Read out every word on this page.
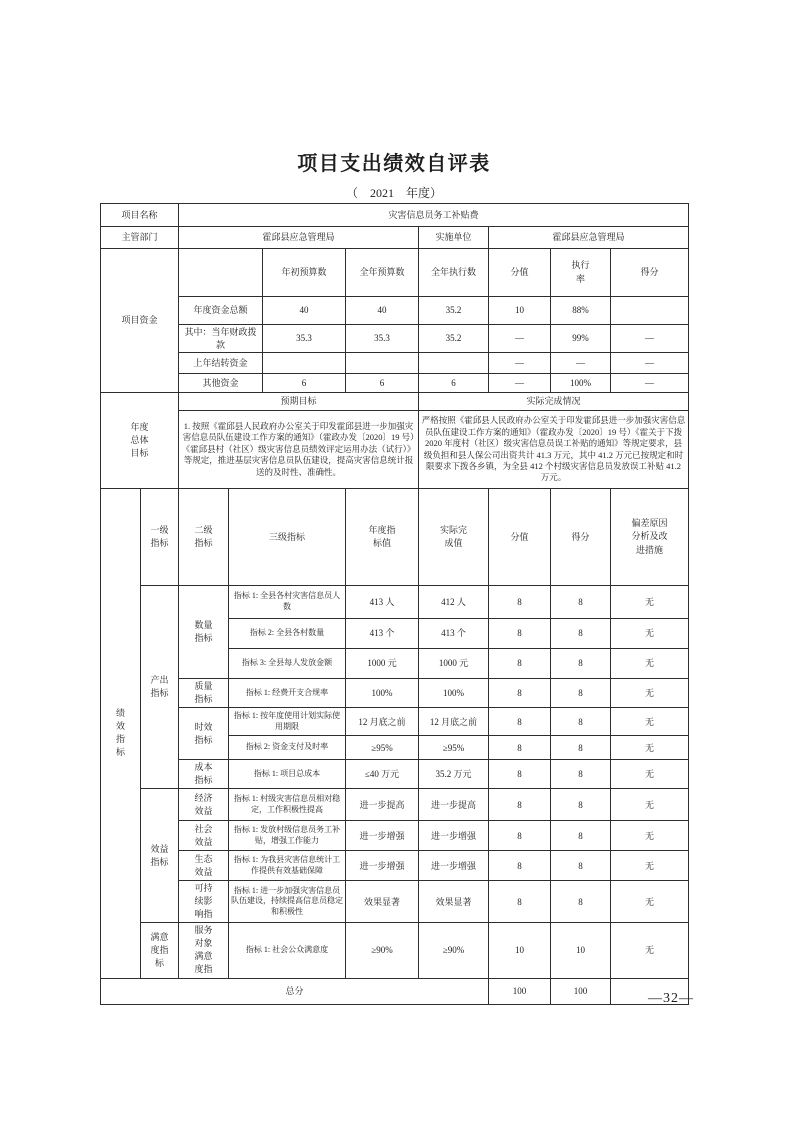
项目支出绩效自评表
（　2021　年度）
项目名称		灾害信息员务工补贴费							
主管部门		霍邱县应急管理局				实施单位	霍邱县应急管理局		
项目资金				年初预算数	全年预算数	全年执行数	分值	执行率	得分
		年度资金总额		40	40	35.2	10	88%	
		其中：当年财政拨款		35.3	35.3	35.2	—	99%	—
		上年结转资金					—	—	—
		其他资金		6	6	6	—	100%	—
年度总体目标		预期目标				实际完成情况			
		1. 按照《霍邱县人民政府办公室关于印发霍邱县进一步加强灾害信息员队伍建设工作方案的通知》（霍政办发〔2020〕19 号）《霍邱县村（社区）级灾害信息员绩效评定运用办法（试行）》等规定，推进基层灾害信息员队伍建设，提高灾害信息统计报送的及时性、准确性。				严格按照《霍邱县人民政府办公室关于印发霍邱县进一步加强灾害信息员队伍建设工作方案的通知》（霍政办发〔2020〕19 号）《霍关于下拨 2020 年度村（社区）级灾害信息员误工补贴的通知》等规定要求，县级负担和县人保公司出资共计 41.3 万元，其中 41.2 万元已按规定和时限要求下拨各乡镇，为全县 412 个村级灾害信息员发放误工补贴 41.2 万元。			
绩效指标	一级指标	二级指标	三级指标		年度指标值	实际完成值	分值	得分	偏差原因分析及改进措施
	产出指标	数量指标	指标 1: 全县各村灾害信息员人数		413 人	412 人	8	8	无
			指标 2: 全县各村数量		413 个	413 个	8	8	无
			指标 3: 全县每人发放金额		1000 元	1000 元	8	8	无
		质量指标	指标 1: 经费开支合规率		100%	100%	8	8	无
		时效指标	指标 1: 按年度使用计划实际使用期限		12 月底之前	12 月底之前	8	8	无
			指标 2: 资金支付及时率		≥95%	≥95%	8	8	无
		成本指标	指标 1: 项目总成本		≤40 万元	35.2 万元	8	8	无
	效益指标	经济效益	指标 1: 村级灾害信息员相对稳定，工作积极性提高		进一步提高	进一步提高	8	8	无
		社会效益	指标 1: 发放村级信息员务工补贴，增强工作能力		进一步增强	进一步增强	8	8	无
		生态效益	指标 1: 为我县灾害信息统计工作提供有效基础保障		进一步增强	进一步增强	8	8	无
		可持续影响指	指标 1: 进一步加强灾害信息员队伍建设，持续提高信息员稳定和积极性		效果显著	效果显著	8	8	无
	满意度指标	服务对象满意度指	指标 1: 社会公众满意度		≥90%	≥90%	10	10	无
总分							100	100	
—32—
